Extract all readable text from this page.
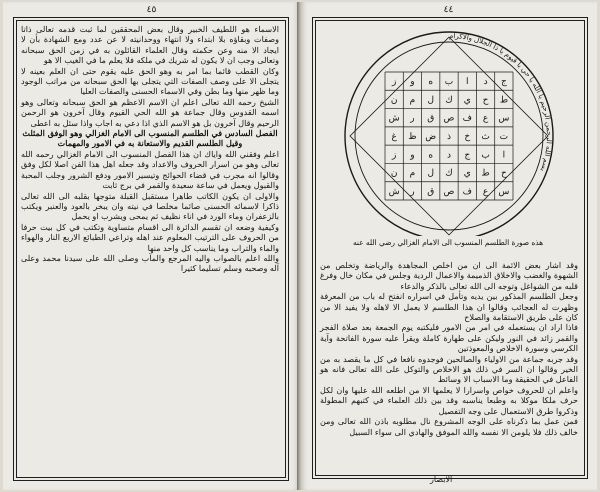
٤٥

الاسماء هو اللطيف الخبير وقال بعض المحققين لما ثبت قدمه تعالى ذاتا وصفات وبقاؤه بلا ابتداء ولا انتهاء ووحدانيته لا عن عدد ومع الشهادة بأن لا ايجاد الا منه وعن حكمته وقال العلماء القائلون به في زمن الحق سبحانه وتعالى وجب ان لا يكون له شريك في ملكه فلا يعلم ما في الغيب الا هو

وكان القطب قائما بما امر به وهو الحق عليه يقوم حتى ان العلم بعينه لا يتجلى الا على وصف الصفات التي يتجلى بها الحق سبحانه من مراتب الوجود وما ظهر منها وما بطن وفي الاسماء الحسنى والصفات العليا

الشيخ رحمه الله تعالى اعلم ان الاسم الاعظم هو الحق سبحانه وتعالى وهو اسمه القدوس وقال جماعة هو الله الحي القيوم وقال آخرون هو الرحمن الرحيم وقال آخرون بل هو الاسم الذي اذا دعي به اجاب واذا سئل به اعطى

الفصل السادس في الطلسم المنسوب الى الامام الغزالي وهو الوفق المثلث وقيل الطلسم القديم والاستعانة به في الامور والمهمات

اعلم وفقني الله واياك ان هذا الفصل المنسوب الى الامام الغزالي رحمه الله تعالى وهو من اسرار الحروف والاعداد وقد جعله اهل هذا الفن اصلا لكل وفق وقالوا انه مجرب في قضاء الحوائج وتيسير الامور ودفع الشرور وجلب المحبة والقبول ويعمل في ساعة سعيدة والقمر في برج ثابت

والاولى ان يكون الكاتب طاهرا مستقبل القبلة متوجها بقلبه الى الله تعالى ذاكرا لاسمائه الحسنى صائما مخلصا في نيته وان يبخر بالعود والعنبر ويكتب بالزعفران وماء الورد في اناء نظيف ثم يمحى ويشرب او يحمل

وكيفية وضعه ان تقسم الدائرة الى اقسام متساوية وتكتب في كل بيت حرفا من الحروف على الترتيب المعلوم عند اهله وتراعي الطبائع الاربع النار والهواء والماء والتراب وما يناسب كل واحد منها

والله اعلم بالصواب واليه المرجع والمآب وصلى الله على سيدنا محمد وعلى آله وصحبه وسلم تسليما كثيرا

٤٤
بسم الله الرحمن الرحيم يا الله يا حي يا قيوم يا ذا الجلال والاكرام
ج
د
ا
ب
ه
و
ز
ط
ح
ي
ك
ل
م
ن
س
ع
ف
ص
ق
ر
ش
ت
ث
خ
ذ
ض
ظ
غ
ا
ب
ج
د
ه
و
ز
ح
ط
ي
ك
ل
م
ن
س
ع
ف
ص
ق
ر
ش
هذه صورة الطلسم المنسوب الى الامام الغزالي رضي الله عنه

وقد اشار بعض الائمة الى ان من اخلص المجاهدة والرياضة وتخلص من الشهوة والغضب والاخلاق الذميمة والاعمال الردية وجلس في مكان خال وفرغ قلبه من الشواغل وتوجه الى الله تعالى بالذكر والدعاء

وجعل الطلسم المذكور بين يديه وتأمل في اسراره انفتح له باب من المعرفة وظهرت له العجائب وقالوا ان هذا الطلسم لا يعمل الا لاهله ولا يفيد الا من كان على طريق الاستقامة والصلاح

فاذا اراد ان يستعمله في امر من الامور فليكتبه يوم الجمعة بعد صلاة الفجر والقمر زائد في النور وليكن على طهارة كاملة ويقرأ عليه سورة الفاتحة وآية الكرسي وسورة الاخلاص والمعوذتين

وقد جربه جماعة من الاولياء والصالحين فوجدوه نافعا في كل ما يقصد به من الخير وقالوا ان السر في ذلك هو الاخلاص والتوكل على الله تعالى فانه هو الفاعل في الحقيقة وما الاسباب الا وسائط

واعلم ان للحروف خواص واسرارا لا يعلمها الا من اطلعه الله عليها وان لكل حرف ملكا موكلا به وطبعا يناسبه وقد بين ذلك العلماء في كتبهم المطولة وذكروا طرق الاستعمال على وجه التفصيل

فمن عمل بما ذكرناه على الوجه المشروع نال مطلوبه باذن الله تعالى ومن خالف ذلك فلا يلومن الا نفسه والله الموفق والهادي الى سواء السبيل

الابصار
